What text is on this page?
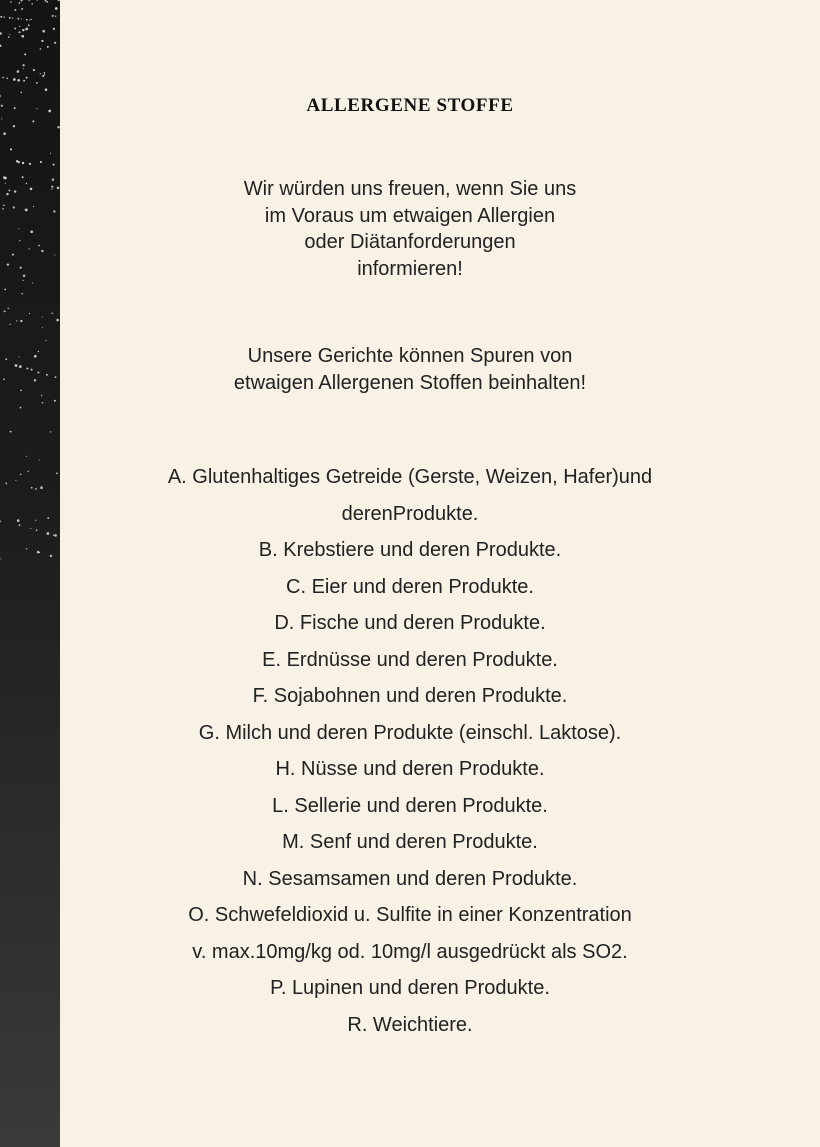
ALLERGENE STOFFE
Wir würden uns freuen, wenn Sie uns
im Voraus um etwaigen Allergien
oder Diätanforderungen
informieren!
Unsere Gerichte können Spuren von
etwaigen Allergenen Stoffen beinhalten!
A. Glutenhaltiges Getreide (Gerste, Weizen, Hafer)und
derenProdukte.
B. Krebstiere und deren Produkte.
C. Eier und deren Produkte.
D. Fische und deren Produkte.
E. Erdnüsse und deren Produkte.
F. Sojabohnen und deren Produkte.
G. Milch und deren Produkte (einschl. Laktose).
H. Nüsse und deren Produkte.
L. Sellerie und deren Produkte.
M. Senf und deren Produkte.
N. Sesamsamen und deren Produkte.
O. Schwefeldioxid u. Sulfite in einer Konzentration
v. max.10mg/kg od. 10mg/l ausgedrückt als SO2.
P. Lupinen und deren Produkte.
R. Weichtiere.
